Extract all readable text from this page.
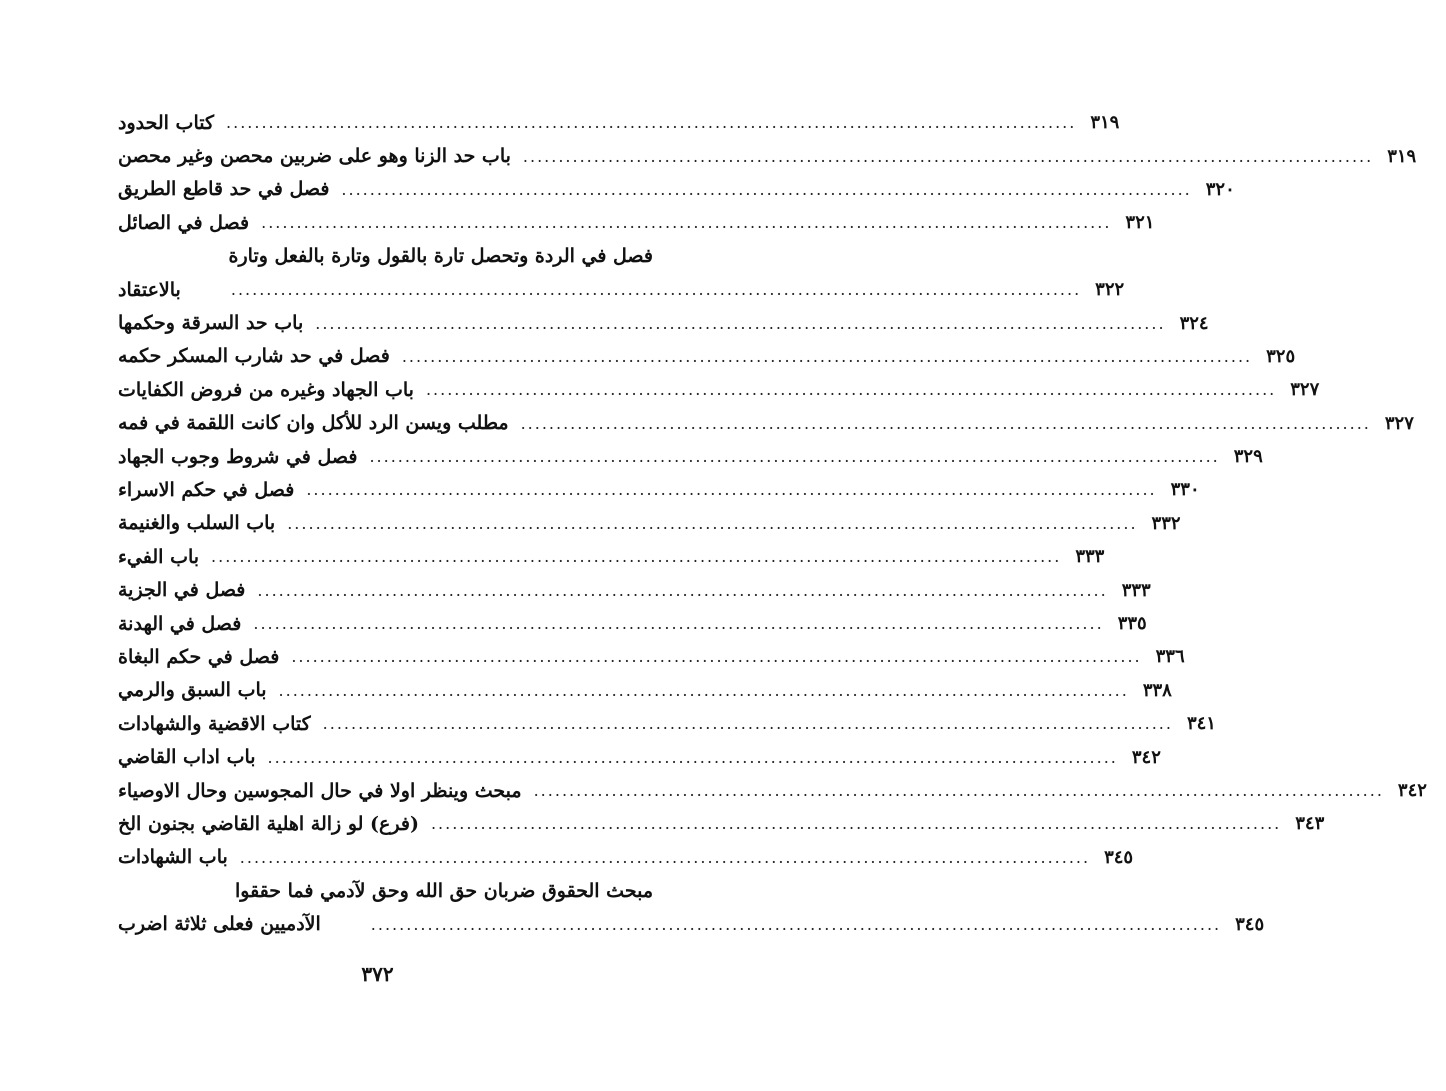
كتاب الحدود ........................................................................................................................ ٣١٩
باب حد الزنا وهو على ضربين محصن وغير محصن ........................................................................................................................ ٣١٩
فصل في حد قاطع الطريق ........................................................................................................................ ٣٢٠
فصل في الصائل ........................................................................................................................ ٣٢١
فصل في الردة وتحصل تارة بالقول وتارة بالفعل وتارة
بالاعتقاد	........................................................................................................................ ٣٢٢
باب حد السرقة وحكمها ........................................................................................................................ ٣٢٤
فصل في حد شارب المسكر حكمه ........................................................................................................................ ٣٢٥
باب الجهاد وغيره من فروض الكفايات ........................................................................................................................ ٣٢٧
مطلب ويسن الرد للأكل وان كانت اللقمة في فمه ........................................................................................................................ ٣٢٧
فصل في شروط وجوب الجهاد ........................................................................................................................ ٣٢٩
فصل في حكم الاسراء ........................................................................................................................ ٣٣٠
باب السلب والغنيمة ........................................................................................................................ ٣٣٢
باب الفيء ........................................................................................................................ ٣٣٣
فصل في الجزية ........................................................................................................................ ٣٣٣
فصل في الهدنة ........................................................................................................................ ٣٣٥
فصل في حكم البغاة ........................................................................................................................ ٣٣٦
باب السبق والرمي ........................................................................................................................ ٣٣٨
كتاب الاقضية والشهادات ........................................................................................................................ ٣٤١
باب اداب القاضي ........................................................................................................................ ٣٤٢
مبحث وينظر اولا في حال المجوسين وحال الاوصياء ........................................................................................................................ ٣٤٢
(فرع) لو زالة اهلية القاضي بجنون الخ ........................................................................................................................ ٣٤٣
باب الشهادات ........................................................................................................................ ٣٤٥
مبحث الحقوق ضربان حق الله وحق لآدمي فما حققوا
الآدميين فعلى ثلاثة اضرب	........................................................................................................................ ٣٤٥
٣٧٢
